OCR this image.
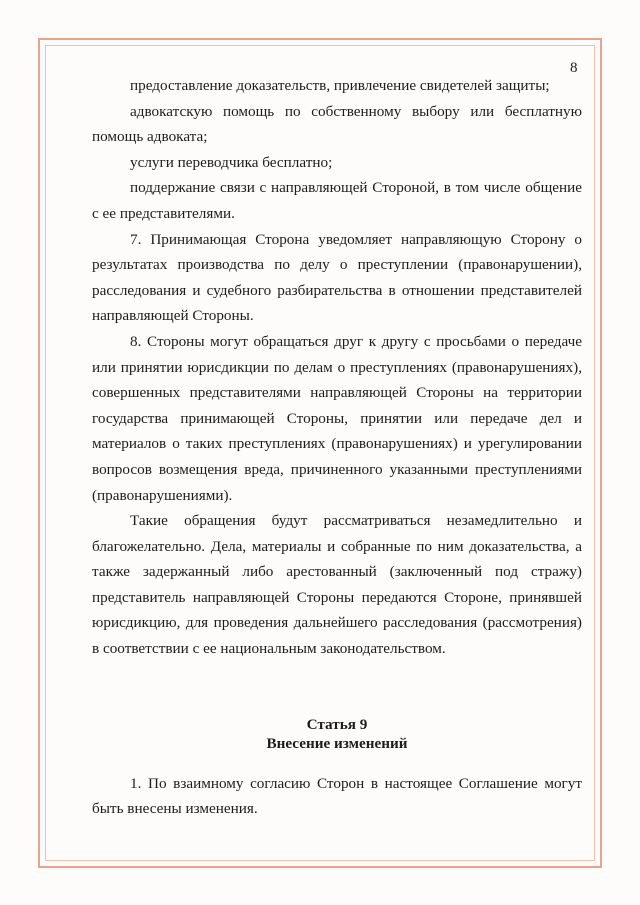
8

предоставление доказательств, привлечение свидетелей защиты;

адвокатскую помощь по собственному выбору или бесплатную помощь адвоката;

услуги переводчика бесплатно;

поддержание связи с направляющей Стороной, в том числе общение с ее представителями.

7. Принимающая Сторона уведомляет направляющую Сторону о результатах производства по делу о преступлении (правонарушении), расследования и судебного разбирательства в отношении представителей направляющей Стороны.

8. Стороны могут обращаться друг к другу с просьбами о передаче или принятии юрисдикции по делам о преступлениях (правонарушениях), совершенных представителями направляющей Стороны на территории государства принимающей Стороны, принятии или передаче дел и материалов о таких преступлениях (правонарушениях) и урегулировании вопросов возмещения вреда, причиненного указанными преступлениями (правонарушениями).

Такие обращения будут рассматриваться незамедлительно и благожелательно. Дела, материалы и собранные по ним доказательства, а также задержанный либо арестованный (заключенный под стражу) представитель направляющей Стороны передаются Стороне, принявшей юрисдикцию, для проведения дальнейшего расследования (рассмотрения) в соответствии с ее национальным законодательством.

Статья 9

Внесение изменений

1. По взаимному согласию Сторон в настоящее Соглашение могут быть внесены изменения.
